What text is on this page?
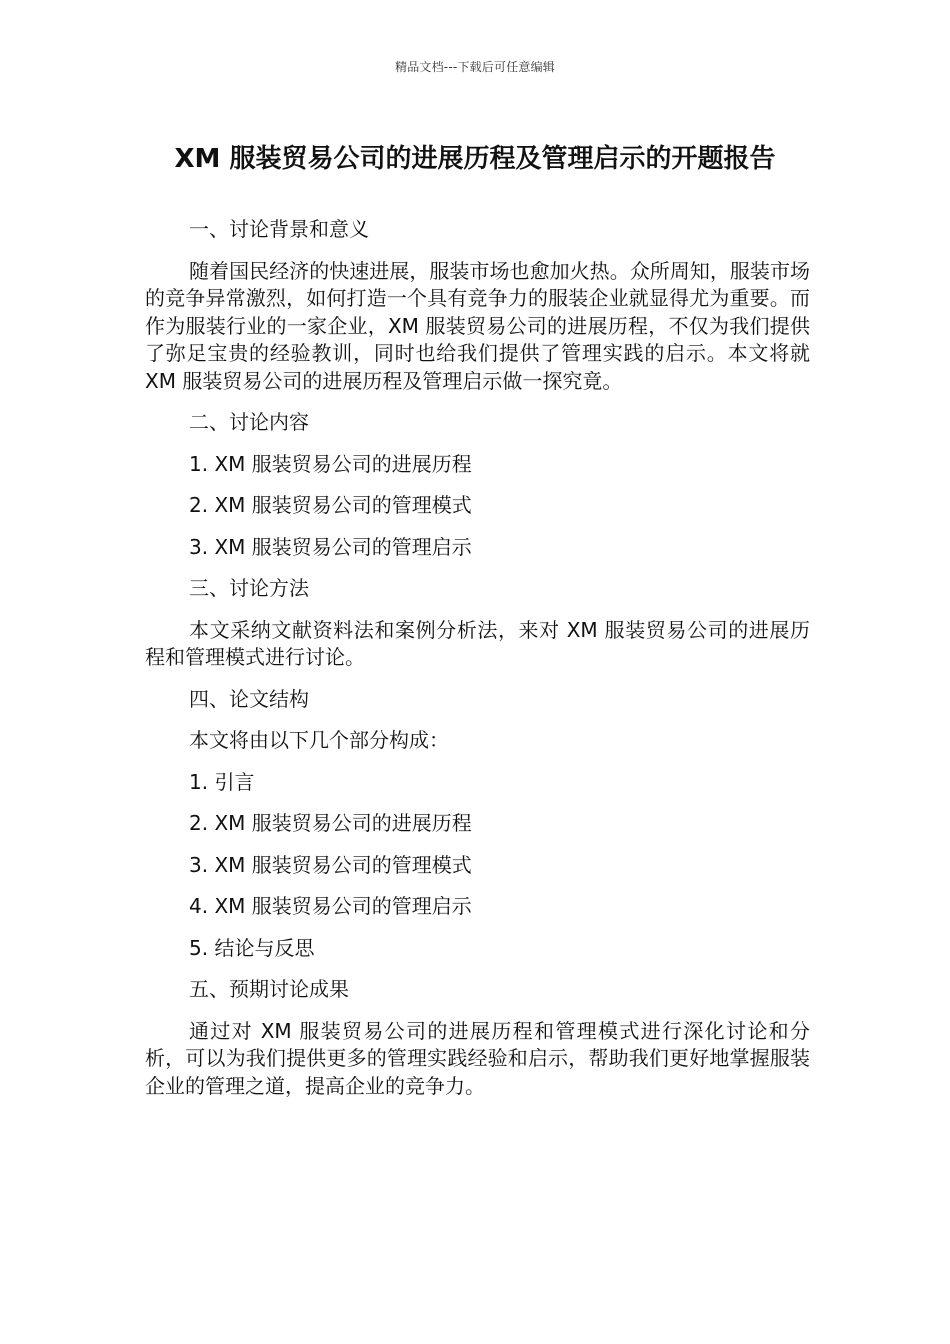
精品文档---下载后可任意编辑
XM 服装贸易公司的进展历程及管理启示的开题报告

一、讨论背景和意义

随着国民经济的快速进展，服装市场也愈加火热。众所周知，服装市场的竞争异常激烈，如何打造一个具有竞争力的服装企业就显得尤为重要。而作为服装行业的一家企业，XM 服装贸易公司的进展历程，不仅为我们提供了弥足宝贵的经验教训，同时也给我们提供了管理实践的启示。本文将就 XM 服装贸易公司的进展历程及管理启示做一探究竟。

二、讨论内容

1. XM 服装贸易公司的进展历程

2. XM 服装贸易公司的管理模式

3. XM 服装贸易公司的管理启示

三、讨论方法

本文采纳文献资料法和案例分析法，来对 XM 服装贸易公司的进展历程和管理模式进行讨论。

四、论文结构

本文将由以下几个部分构成：

1. 引言

2. XM 服装贸易公司的进展历程

3. XM 服装贸易公司的管理模式

4. XM 服装贸易公司的管理启示

5. 结论与反思

五、预期讨论成果

通过对 XM 服装贸易公司的进展历程和管理模式进行深化讨论和分析，可以为我们提供更多的管理实践经验和启示，帮助我们更好地掌握服装企业的管理之道，提高企业的竞争力。
